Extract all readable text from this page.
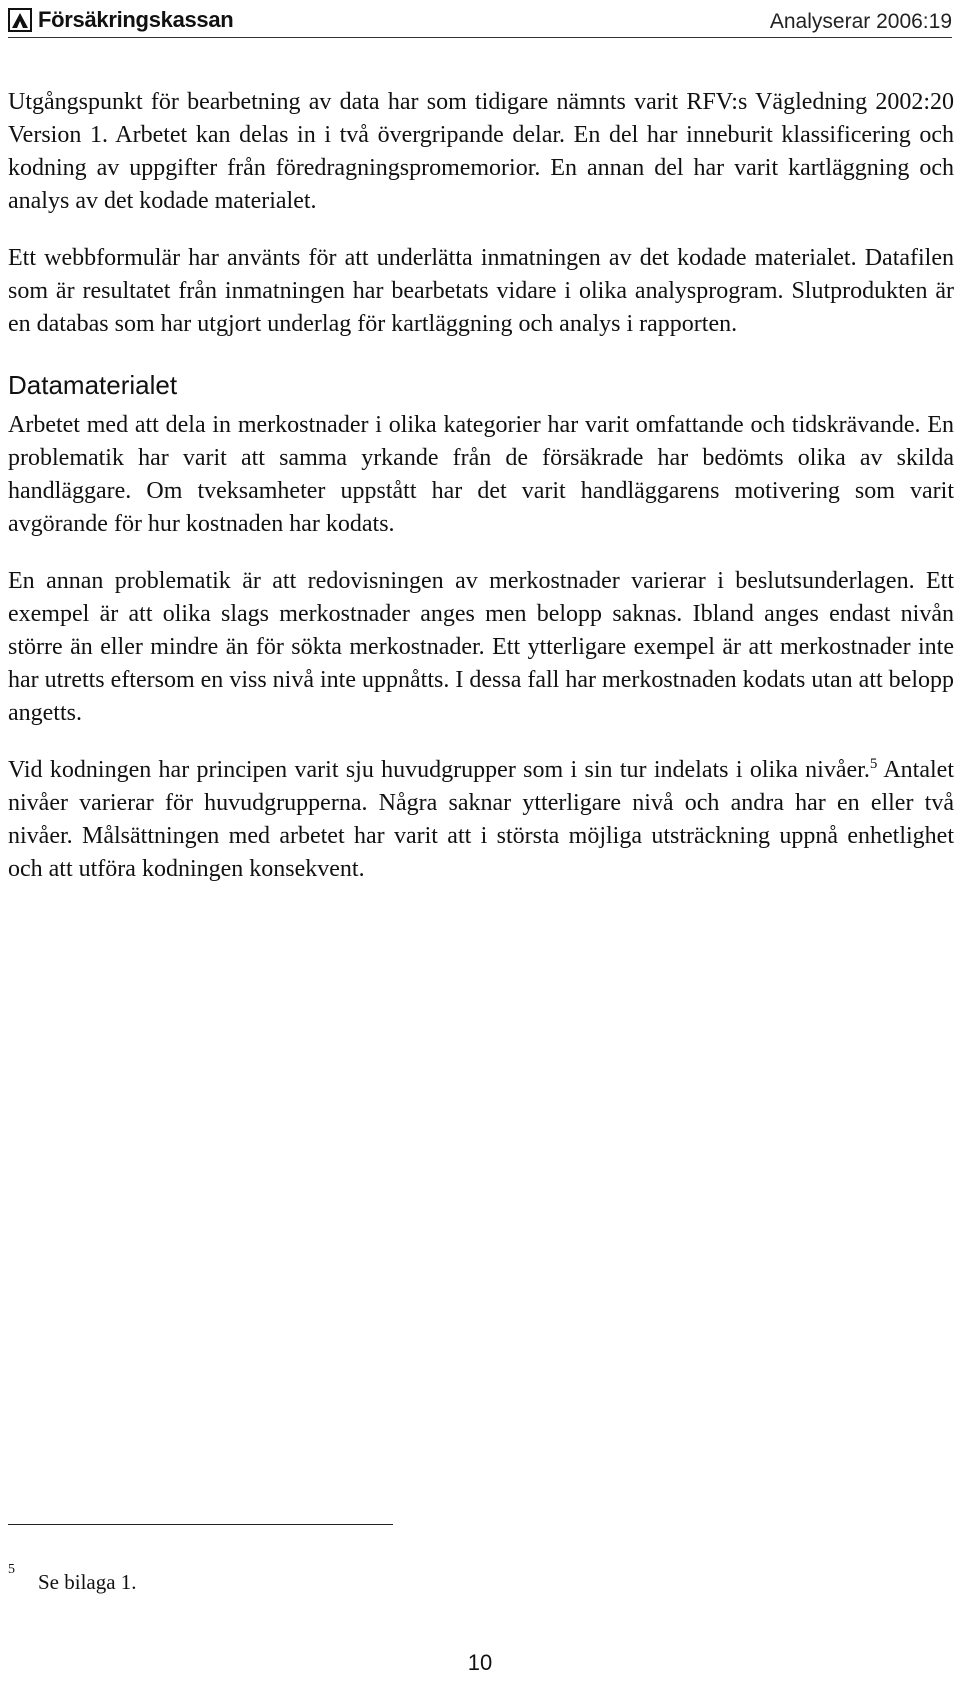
Försäkringskassan	Analyserar 2006:19

Utgångspunkt för bearbetning av data har som tidigare nämnts varit RFV:s Vägledning 2002:20 Version 1. Arbetet kan delas in i två övergripande delar. En del har inneburit klassificering och kodning av uppgifter från föredragningspromemorior. En annan del har varit kartläggning och analys av det kodade materialet.

Ett webbformulär har använts för att underlätta inmatningen av det kodade materialet. Datafilen som är resultatet från inmatningen har bearbetats vidare i olika analysprogram. Slutprodukten är en databas som har utgjort underlag för kartläggning och analys i rapporten.

Datamaterialet

Arbetet med att dela in merkostnader i olika kategorier har varit omfattande och tidskrävande. En problematik har varit att samma yrkande från de försäkrade har bedömts olika av skilda handläggare. Om tveksamheter uppstått har det varit handläggarens motivering som varit avgörande för hur kostnaden har kodats.

En annan problematik är att redovisningen av merkostnader varierar i beslutsunderlagen. Ett exempel är att olika slags merkostnader anges men belopp saknas. Ibland anges endast nivån större än eller mindre än för sökta merkostnader. Ett ytterligare exempel är att merkostnader inte har utretts eftersom en viss nivå inte uppnåtts. I dessa fall har merkostnaden kodats utan att belopp angetts.

Vid kodningen har principen varit sju huvudgrupper som i sin tur indelats i olika nivåer.$^5$ Antalet nivåer varierar för huvudgrupperna. Några saknar ytterligare nivå och andra har en eller två nivåer. Målsättningen med arbetet har varit att i största möjliga utsträckning uppnå enhetlighet och att utföra kodningen konsekvent.

5
Se bilaga 1.
10
